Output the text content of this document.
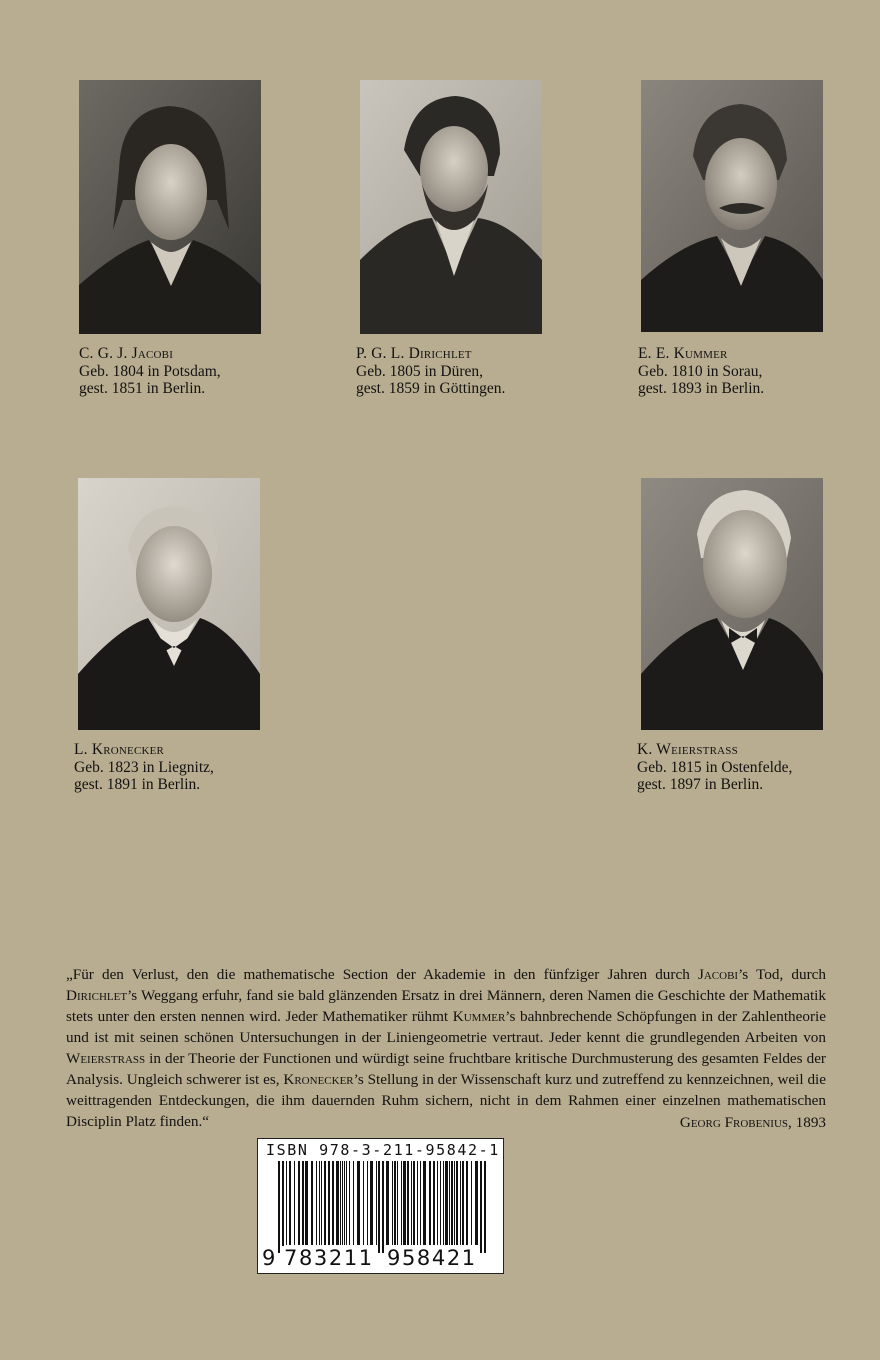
C. G. J. Jacobi
Geb. 1804 in Potsdam,
gest. 1851 in Berlin.
P. G. L. Dirichlet
Geb. 1805 in Düren,
gest. 1859 in Göttingen.
E. E. Kummer
Geb. 1810 in Sorau,
gest. 1893 in Berlin.
L. Kronecker
Geb. 1823 in Liegnitz,
gest. 1891 in Berlin.
K. Weierstrass
Geb. 1815 in Ostenfelde,
gest. 1897 in Berlin.

„Für den Verlust, den die mathematische Section der Akademie in den fünfziger Jahren durch Jacobi’s Tod, durch Dirichlet’s Weggang erfuhr, fand sie bald glänzenden Ersatz in drei Männern, deren Namen die Geschichte der Mathematik stets unter den ersten nennen wird. Jeder Mathematiker rühmt Kummer’s bahnbrechende Schöpfungen in der Zahlentheorie und ist mit seinen schönen Untersuchungen in der Liniengeometrie vertraut. Jeder kennt die grundlegenden Arbeiten von Weierstrass in der Theorie der Functionen und würdigt seine fruchtbare kritische Durchmusterung des gesamten Feldes der Analysis. Ungleich schwerer ist es, Kronecker’s Stellung in der Wissenschaft kurz und zutreffend zu kennzeichnen, weil die weittragenden Entdeckungen, die ihm dauernden Ruhm sichern, nicht in dem Rahmen einer einzelnen mathematischen Disciplin Platz finden.“	Georg Frobenius, 1893
ISBN 978-3-211-95842-1
9 783211 958421
